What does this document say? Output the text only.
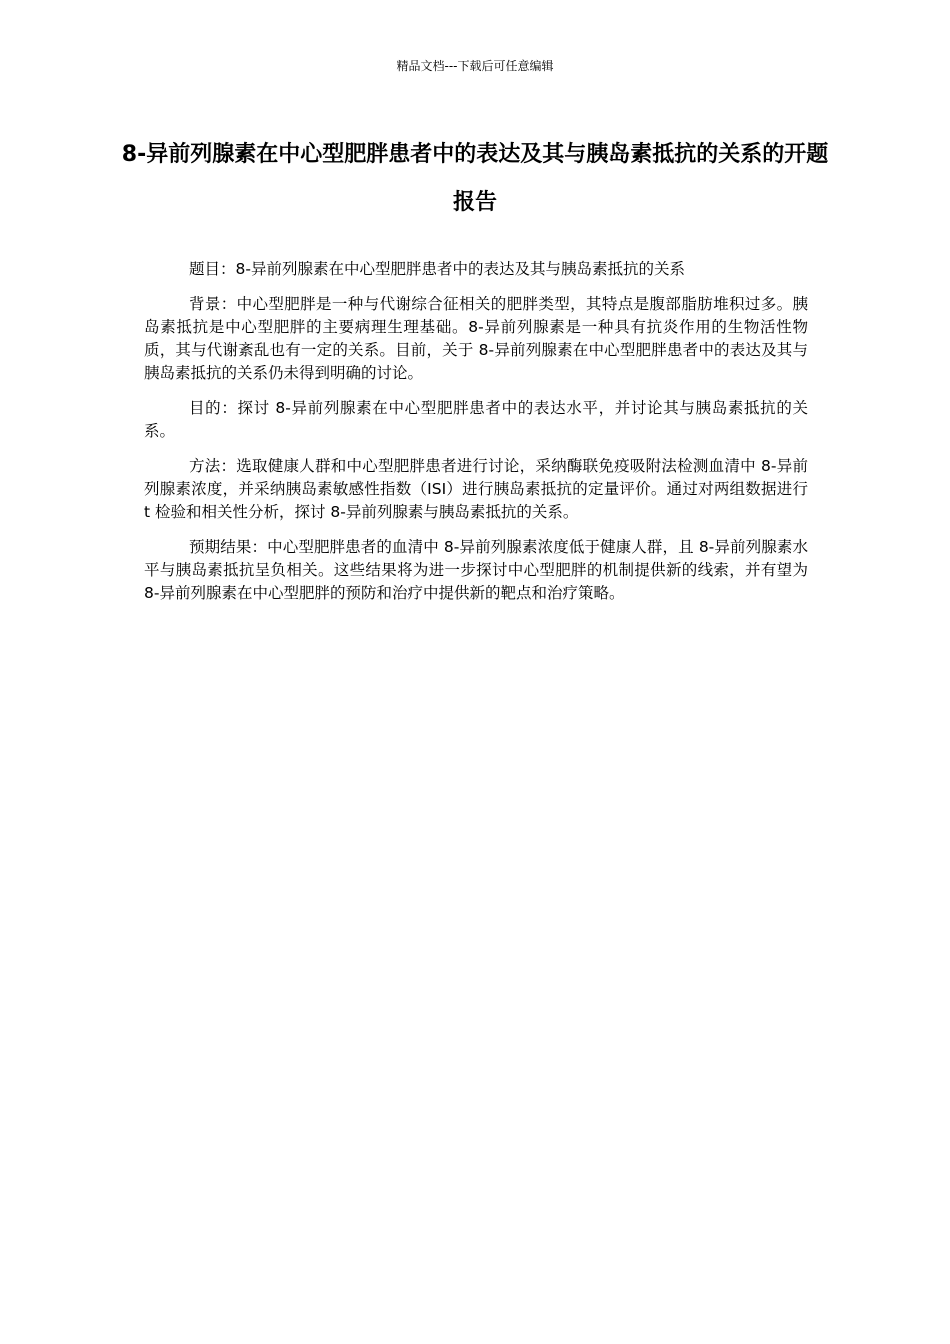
精品文档---下载后可任意编辑
8-异前列腺素在中心型肥胖患者中的表达及其与胰岛素抵抗的关系的开题报告

题目：8-异前列腺素在中心型肥胖患者中的表达及其与胰岛素抵抗的关系

背景：中心型肥胖是一种与代谢综合征相关的肥胖类型，其特点是腹部脂肪堆积过多。胰岛素抵抗是中心型肥胖的主要病理生理基础。8-异前列腺素是一种具有抗炎作用的生物活性物质，其与代谢紊乱也有一定的关系。目前，关于 8-异前列腺素在中心型肥胖患者中的表达及其与胰岛素抵抗的关系仍未得到明确的讨论。

目的：探讨 8-异前列腺素在中心型肥胖患者中的表达水平，并讨论其与胰岛素抵抗的关系。

方法：选取健康人群和中心型肥胖患者进行讨论，采纳酶联免疫吸附法检测血清中 8-异前列腺素浓度，并采纳胰岛素敏感性指数（ISI）进行胰岛素抵抗的定量评价。通过对两组数据进行 t 检验和相关性分析，探讨 8-异前列腺素与胰岛素抵抗的关系。

预期结果：中心型肥胖患者的血清中 8-异前列腺素浓度低于健康人群，且 8-异前列腺素水平与胰岛素抵抗呈负相关。这些结果将为进一步探讨中心型肥胖的机制提供新的线索，并有望为 8-异前列腺素在中心型肥胖的预防和治疗中提供新的靶点和治疗策略。
